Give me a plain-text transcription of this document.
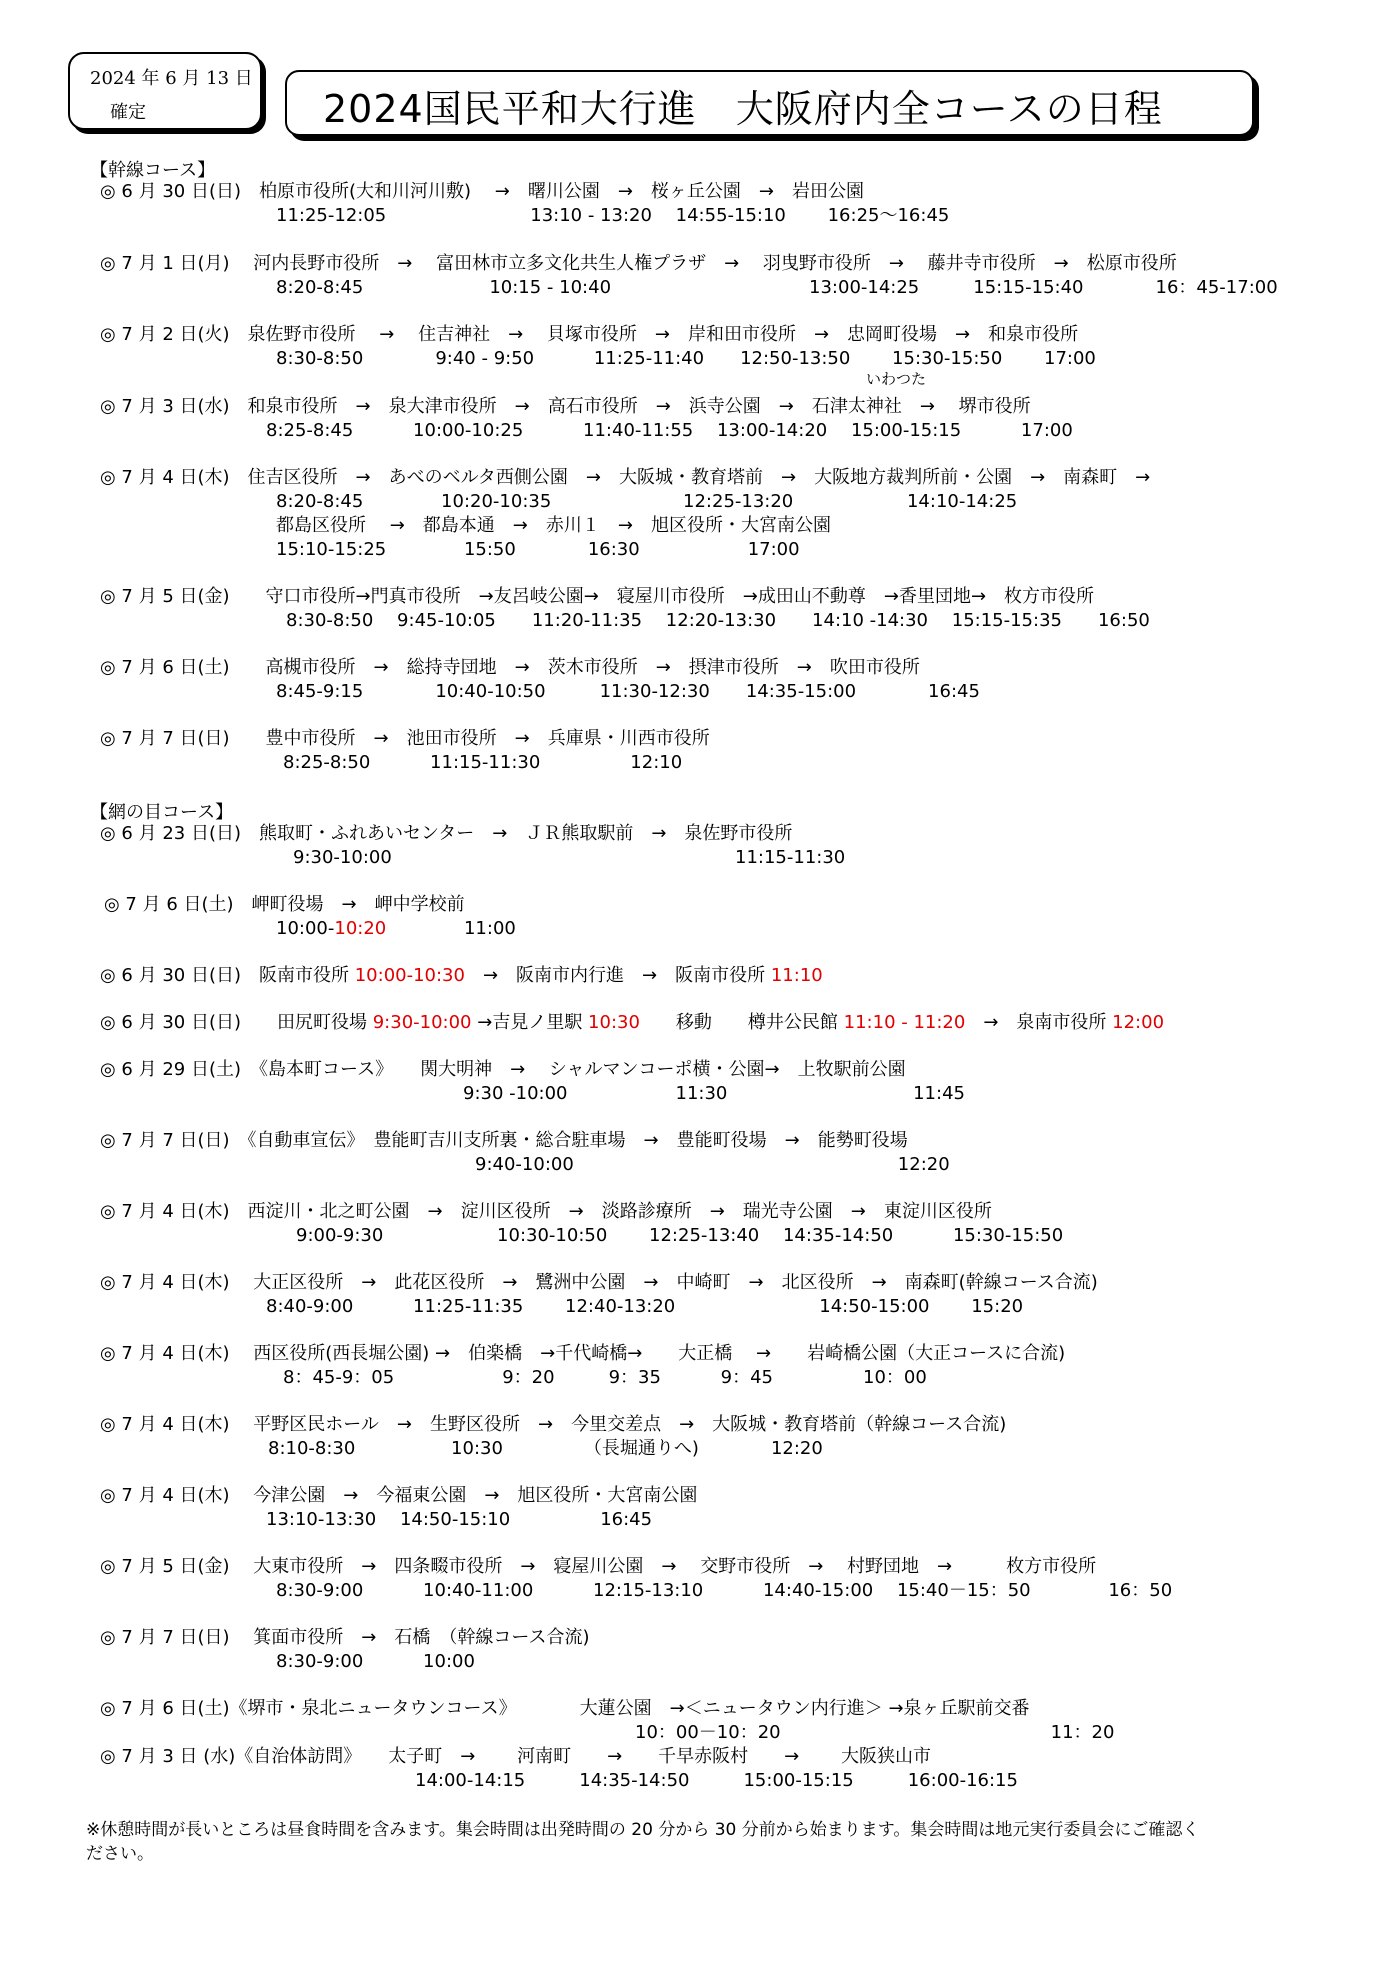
2024 年 6 月 13 日
確定	2024国民平和大行進　大阪府内全コースの日程
【幹線コース】
◎ 6 月 30 日(日)　柏原市役所(大和川河川敷)　 →　曙川公園　→　桜ヶ丘公園　→　岩田公園
11:25-12:05　　　　　　　　13:10 - 13:20　 14:55-15:10　　 16:25～16:45
◎ 7 月 1 日(月)　 河内長野市役所　→　 富田林市立多文化共生人権プラザ　→　 羽曳野市役所　→　 藤井寺市役所　→　松原市役所
8:20-8:45　　　　　　　10:15 - 10:40　　　　　　　　　　　13:00-14:25　　　15:15-15:40　　　　16：45-17:00
◎ 7 月 2 日(火)　泉佐野市役所　 →　 住吉神社　→　 貝塚市役所　→　岸和田市役所　→　忠岡町役場　→　和泉市役所
8:30-8:50　　　　9:40 - 9:50　　　 11:25-11:40　　12:50-13:50　　 15:30-15:50　　 17:00
いわつた
◎ 7 月 3 日(水)　和泉市役所　→　泉大津市役所　→　高石市役所　→　浜寺公園　→　石津太神社　→　 堺市役所
8:25-8:45　　　 10:00-10:25　　　 11:40-11:55　 13:00-14:20　 15:00-15:15　　　 17:00
◎ 7 月 4 日(木)　住吉区役所　→　あべのベルタ西側公園　→　大阪城・教育塔前　→　大阪地方裁判所前・公園　→　南森町　→
8:20-8:45　　　　 10:20-10:35　　　　　　　 12:25-13:20　　　　　　 14:10-14:25
都島区役所　 →　都島本通　→　赤川１　→　旭区役所・大宮南公園
15:10-15:25　　　　 15:50　　　　16:30　　　　　　17:00
◎ 7 月 5 日(金)　　守口市役所→門真市役所　→友呂岐公園→　寝屋川市役所　→成田山不動尊　→香里団地→　枚方市役所
8:30-8:50　 9:45-10:05　　11:20-11:35　 12:20-13:30　　14:10 -14:30　 15:15-15:35　　16:50
◎ 7 月 6 日(土)　　高槻市役所　→　総持寺団地　→　茨木市役所　→　摂津市役所　→　吹田市役所
8:45-9:15　　　　10:40-10:50　　　11:30-12:30　　14:35-15:00　　　　16:45
◎ 7 月 7 日(日)　　豊中市役所　→　池田市役所　→　兵庫県・川西市役所
8:25-8:50　　　 11:15-11:30　　　　　12:10
【網の目コース】
◎ 6 月 23 日(日)　熊取町・ふれあいセンター　→　ＪＲ熊取駅前　→　泉佐野市役所
9:30-10:00	11:15-11:30
◎ 7 月 6 日(土)　岬町役場　→　岬中学校前
10:00-10:20　　　　 11:00
◎ 6 月 30 日(日)　阪南市役所 10:00-10:30　→　阪南市内行進　→　阪南市役所 11:10
◎ 6 月 30 日(日)　　田尻町役場 9:30-10:00 →吉見ノ里駅 10:30　　移動　　樽井公民館 11:10 - 11:20　→　泉南市役所 12:00
◎ 6 月 29 日(土)　《島本町コース》　　関大明神　→　 シャルマンコーポ横・公園→　上牧駅前公園
9:30 -10:00　　　　　　11:30　　　　　　　　　　 11:45
◎ 7 月 7 日(日)　《自動車宣伝》　豊能町吉川支所裏・総合駐車場　→　豊能町役場　→　能勢町役場
9:40-10:00　　　　　　　　　　　　　　　　　　12:20
◎ 7 月 4 日(木)　西淀川・北之町公園　→　淀川区役所　→　淡路診療所　→　瑞光寺公園　→　東淀川区役所
9:00-9:30　　　　　　 10:30-10:50　　 12:25-13:40　 14:35-14:50　　　 15:30-15:50
◎ 7 月 4 日(木)　 大正区役所　→　此花区役所　→　鷺洲中公園　→　中崎町　→　北区役所　→　南森町(幹線コース合流)
8:40-9:00　　　 11:25-11:35　　 12:40-13:20　　　　　　　　14:50-15:00　　 15:20
◎ 7 月 4 日(木)　 西区役所(西長堀公園) →　伯楽橋　→千代崎橋→　　大正橋　 →　　岩崎橋公園（大正コースに合流)
8：45-9：05　　　　　　9：20　　　9：35　　　 9：45　　　　　10：00
◎ 7 月 4 日(木)　 平野区民ホール　→　生野区役所　→　今里交差点　→　大阪城・教育塔前（幹線コース合流)
8:10-8:30　　　　　 10:30　　　　　（長堀通りへ)　　　　12:20
◎ 7 月 4 日(木)　 今津公園　→　今福東公園　→　旭区役所・大宮南公園
13:10-13:30　 14:50-15:10　　　　　16:45
◎ 7 月 5 日(金)　 大東市役所　→　四条畷市役所　→　寝屋川公園　→　 交野市役所　→　 村野団地　→　　　枚方市役所
8:30-9:00　　　 10:40-11:00　　　 12:15-13:10　　　 14:40-15:00　 15:40－15：50　　　　 16：50
◎ 7 月 7 日(日)　 箕面市役所　→　石橋　（幹線コース合流)
8:30-9:00　　　 10:00
◎ 7 月 6 日(土)《堺市・泉北ニュータウンコース》　　　　大蓮公園　→＜ニュータウン内行進＞ →泉ヶ丘駅前交番
10：00－10：20　　　　　　　　　　　　　　　11：20
◎ 7 月 3 日 (水)《自治体訪問》　　太子町　→　　 河南町　　→　　千早赤阪村　　→　　 大阪狭山市
14:00-14:15　　　14:35-14:50　　　15:00-15:15　　　16:00-16:15
※休憩時間が長いところは昼食時間を含みます。集会時間は出発時間の 20 分から 30 分前から始まります。集会時間は地元実行委員会にご確認く
ださい。
